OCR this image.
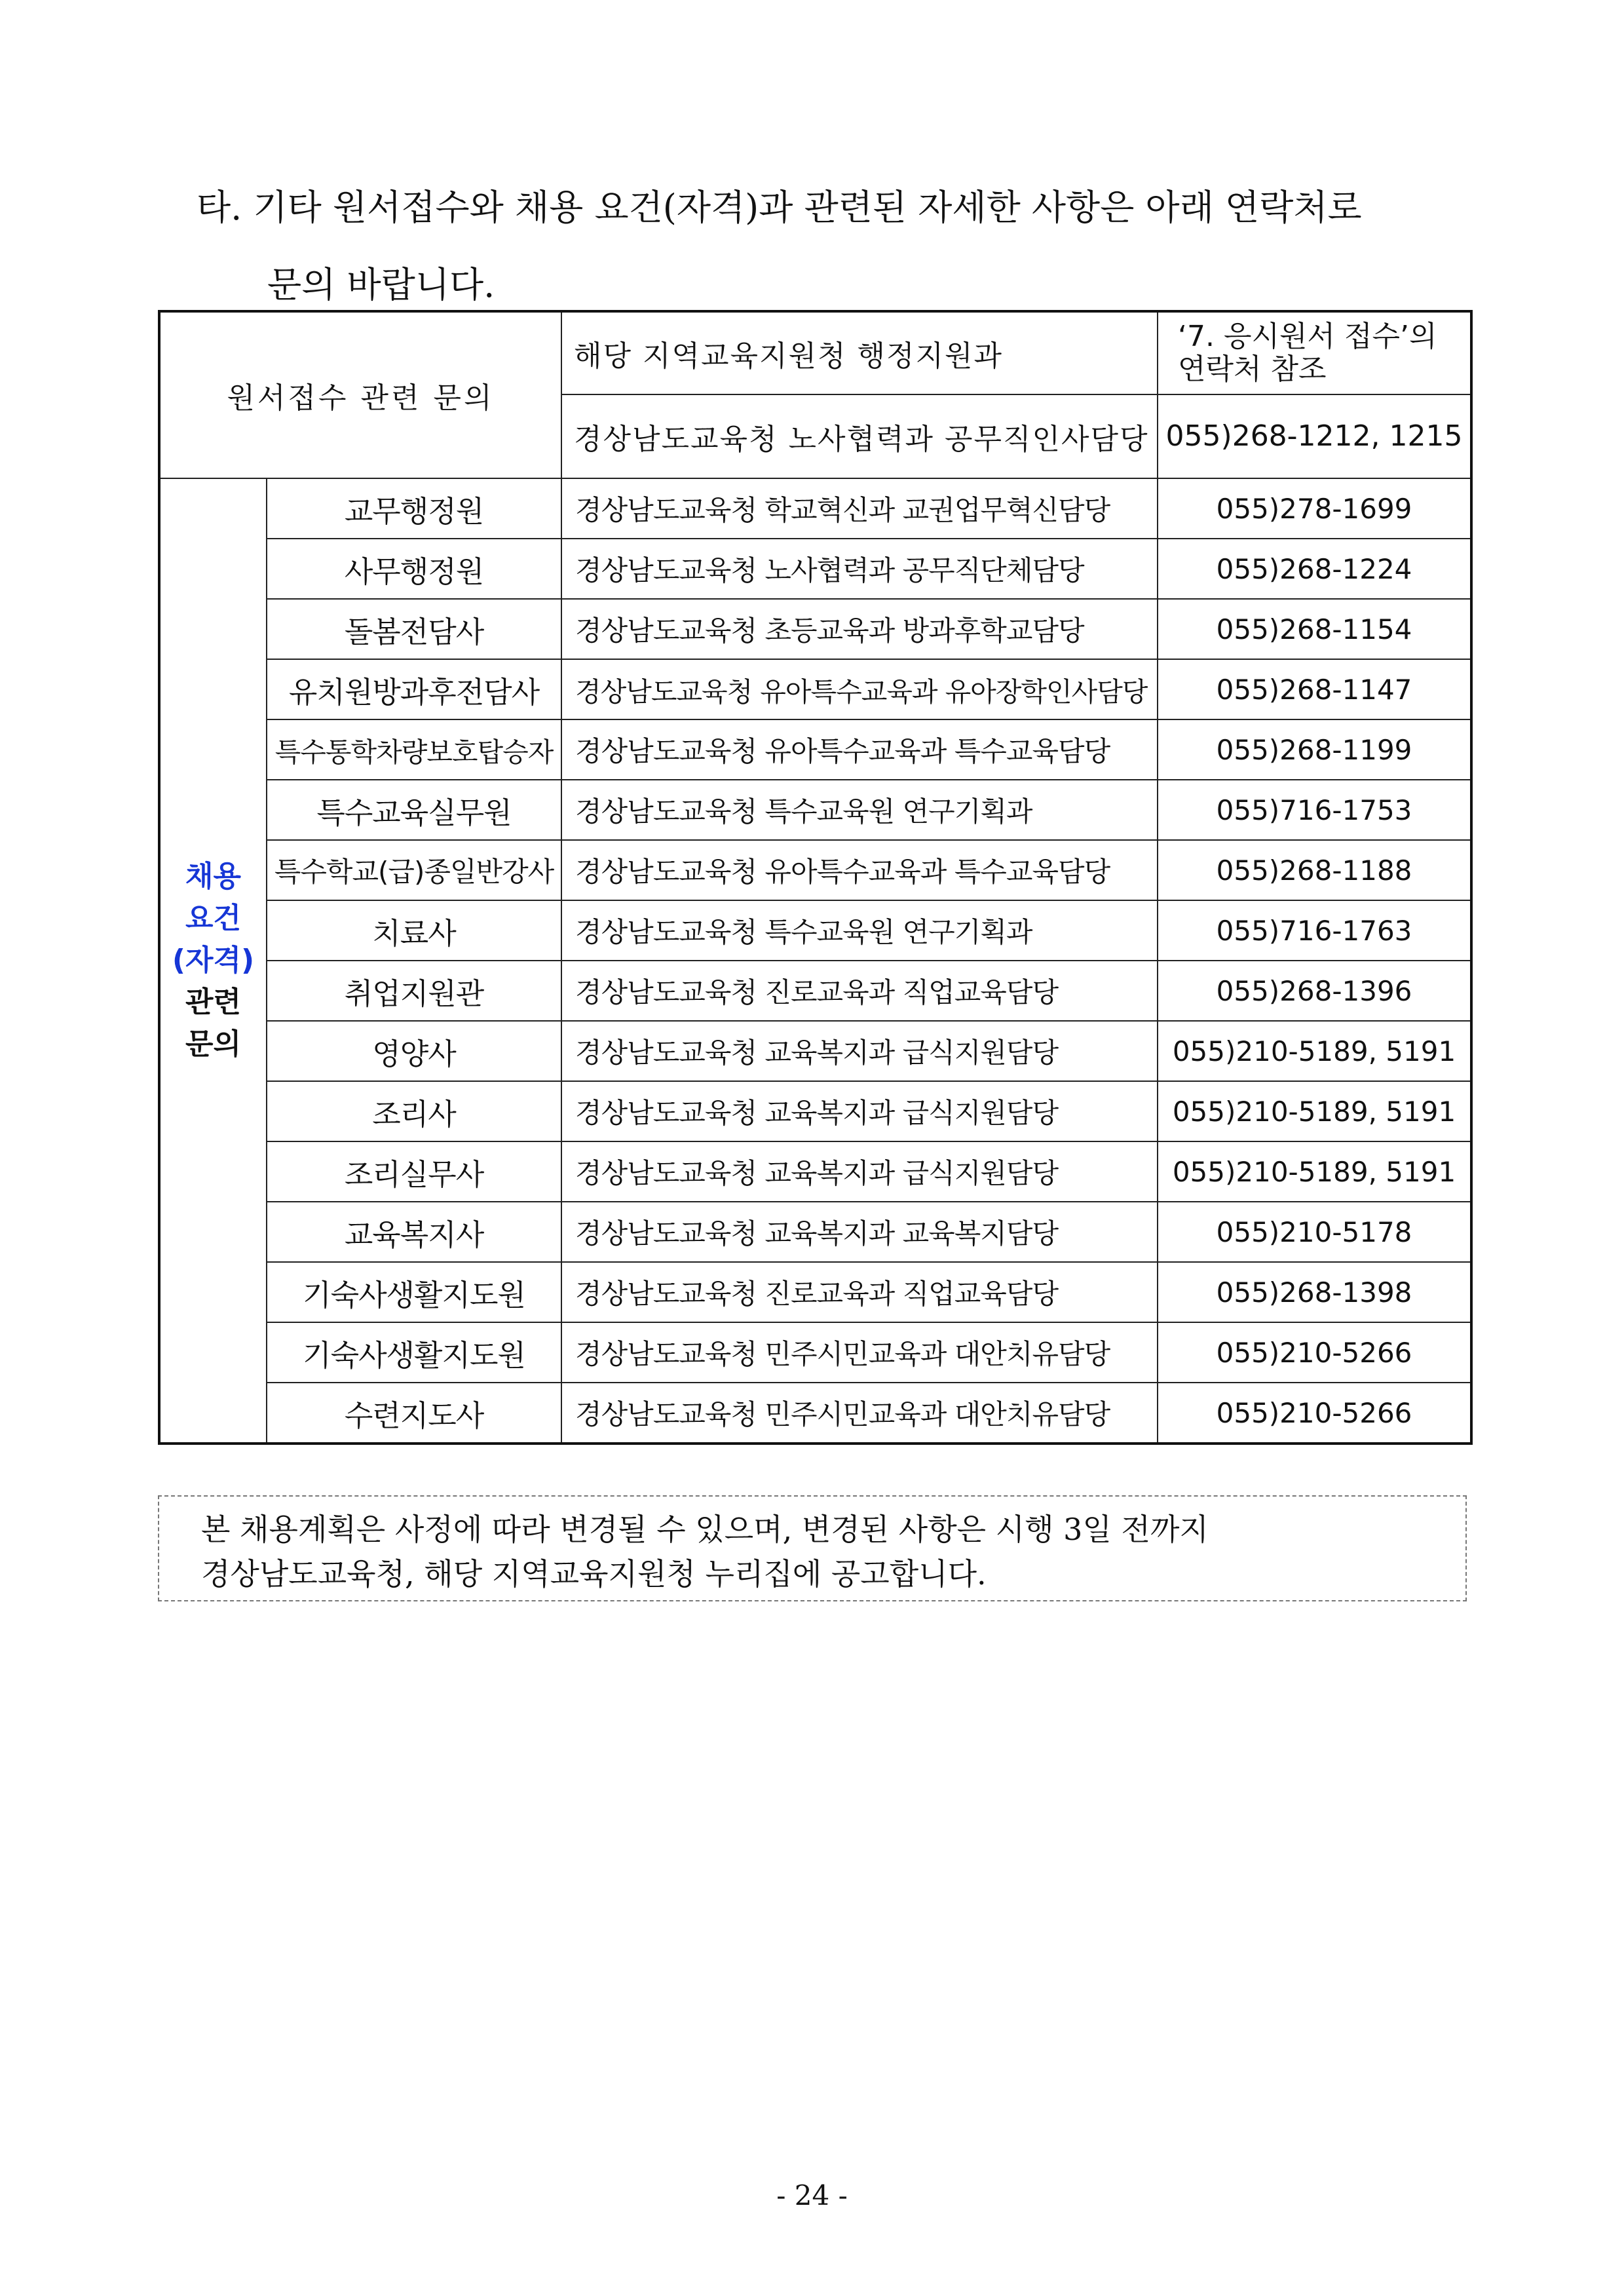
타. 기타 원서접수와 채용 요건(자격)과 관련된 자세한 사항은 아래 연락처로
문의 바랍니다.
원서접수 관련 문의		해당 지역교육지원청 행정지원과	‘7. 응시원서 접수’의 연락처 참조
		경상남도교육청 노사협력과 공무직인사담당	055)268-1212, 1215

채용
요건
(자격)
관련
문의	교무행정원	경상남도교육청 학교혁신과 교권업무혁신담당	055)278-1699
	사무행정원	경상남도교육청 노사협력과 공무직단체담당	055)268-1224
	돌봄전담사	경상남도교육청 초등교육과 방과후학교담당	055)268-1154
	유치원방과후전담사	경상남도교육청 유아특수교육과 유아장학인사담당	055)268-1147
	특수통학차량보호탑승자	경상남도교육청 유아특수교육과 특수교육담당	055)268-1199
	특수교육실무원	경상남도교육청 특수교육원 연구기획과	055)716-1753
	특수학교(급)종일반강사	경상남도교육청 유아특수교육과 특수교육담당	055)268-1188
	치료사	경상남도교육청 특수교육원 연구기획과	055)716-1763
	취업지원관	경상남도교육청 진로교육과 직업교육담당	055)268-1396
	영양사	경상남도교육청 교육복지과 급식지원담당	055)210-5189, 5191
	조리사	경상남도교육청 교육복지과 급식지원담당	055)210-5189, 5191
	조리실무사	경상남도교육청 교육복지과 급식지원담당	055)210-5189, 5191
	교육복지사	경상남도교육청 교육복지과 교육복지담당	055)210-5178
	기숙사생활지도원	경상남도교육청 진로교육과 직업교육담당	055)268-1398
	기숙사생활지도원	경상남도교육청 민주시민교육과 대안치유담당	055)210-5266
	수련지도사	경상남도교육청 민주시민교육과 대안치유담당	055)210-5266
본 채용계획은 사정에 따라 변경될 수 있으며, 변경된 사항은 시행 3일 전까지
경상남도교육청, 해당 지역교육지원청 누리집에 공고합니다.
- 24 -
